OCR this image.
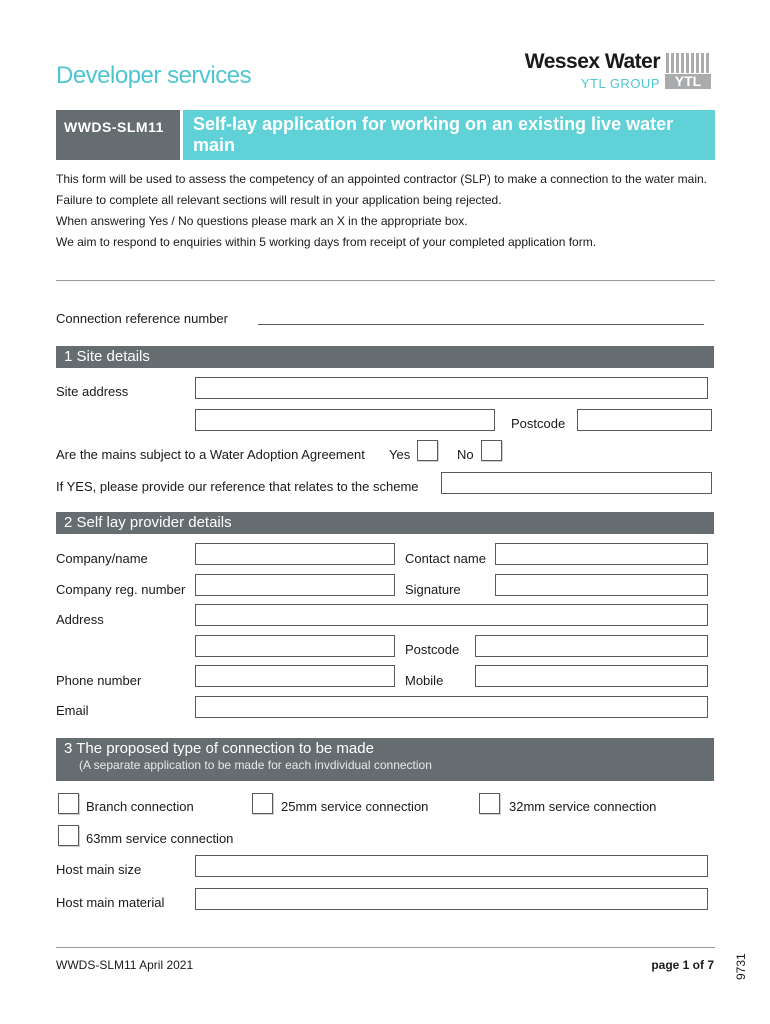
Developer services
Wessex Water
YTL GROUP YTL
WWDS-SLM11	Self-lay application for working on an existing live water main

This form will be used to assess the competency of an appointed contractor (SLP) to make a connection to the water main.

Failure to complete all relevant sections will result in your application being rejected.

When answering Yes / No questions please mark an X in the appropriate box.

We aim to respond to enquiries within 5 working days from receipt of your completed application form.

Connection reference number
1 Site details
Site address
Postcode
Are the mains subject to a Water Adoption Agreement Yes	No
If YES, please provide our reference that relates to the scheme
2 Self lay provider details
Company/name	Contact name
Company reg. number	Signature
Address
Postcode
Phone number	Mobile
Email
3 The proposed type of connection to be made
(A separate application to be made for each invdividual connection
Branch connection	25mm service connection	32mm service connection
63mm service connection
Host main size
Host main material
WWDS-SLM11 April 2021	page 1 of 7 9731
